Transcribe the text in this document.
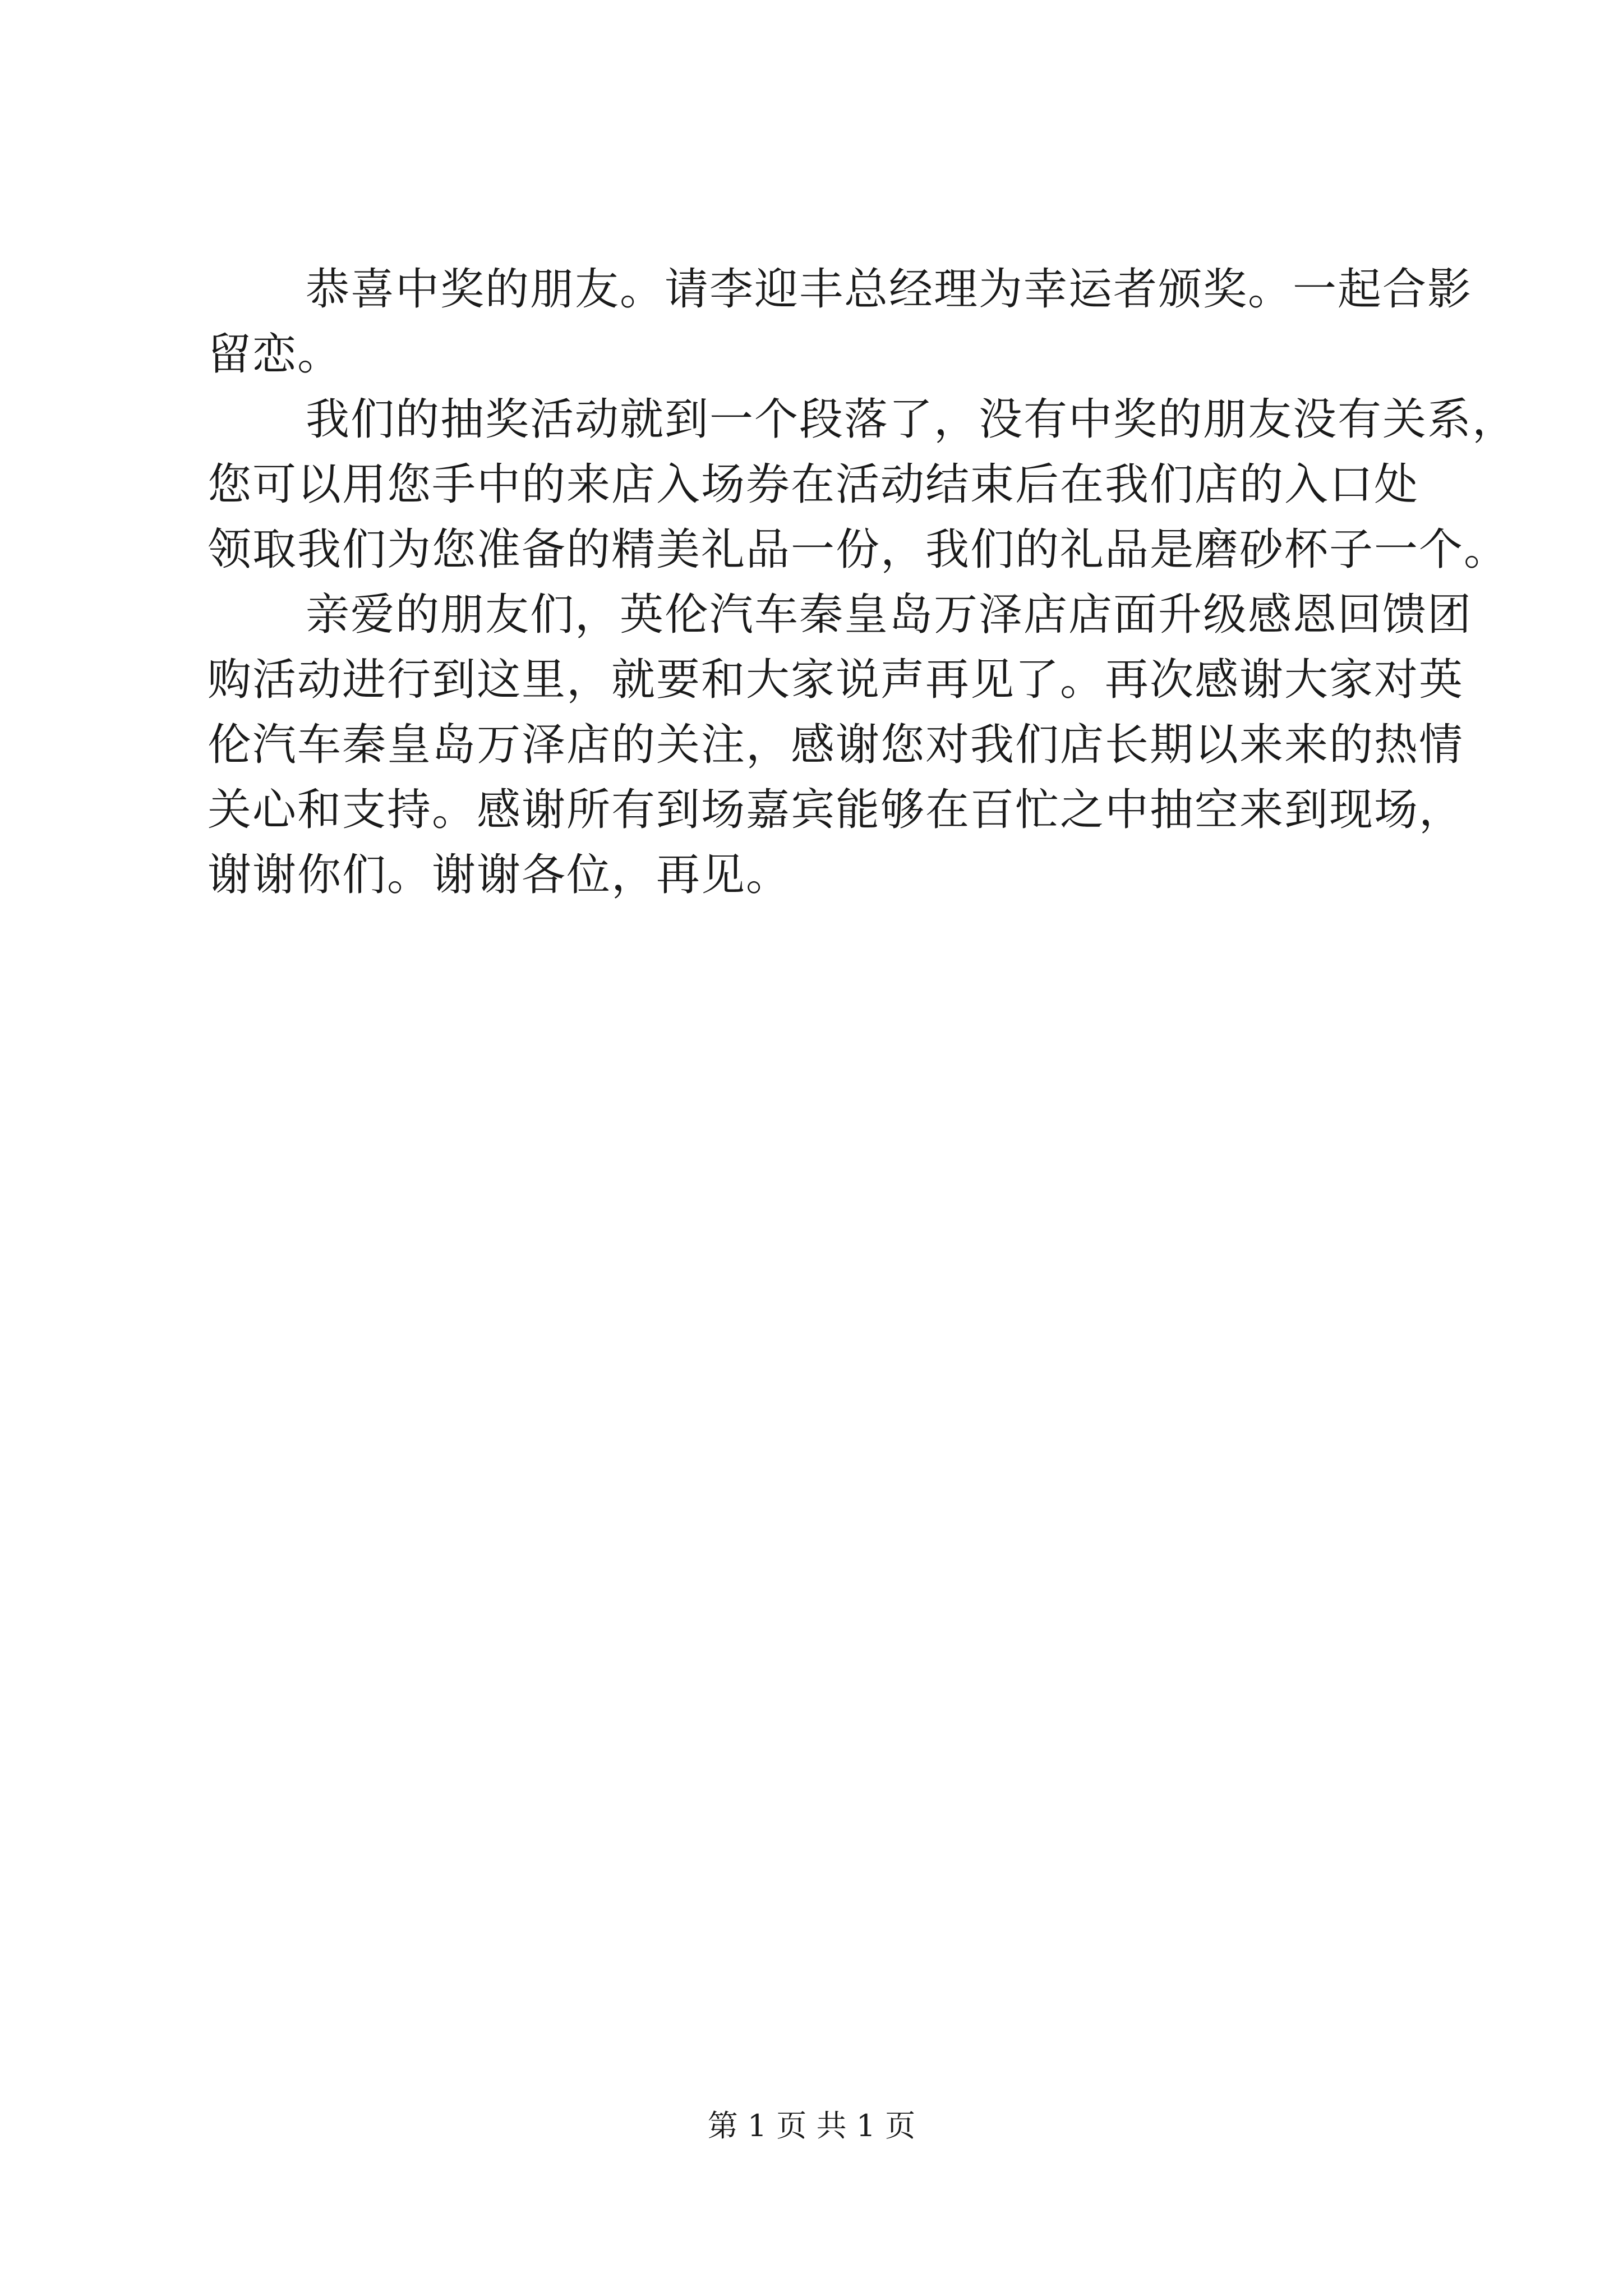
恭喜中奖的朋友。请李迎丰总经理为幸运者颁奖。一起合影
留恋。
我们的抽奖活动就到一个段落了，没有中奖的朋友没有关系，
您可以用您手中的来店入场券在活动结束后在我们店的入口处
领取我们为您准备的精美礼品一份，我们的礼品是磨砂杯子一个。
亲爱的朋友们，英伦汽车秦皇岛万泽店店面升级感恩回馈团
购活动进行到这里，就要和大家说声再见了。再次感谢大家对英
伦汽车秦皇岛万泽店的关注，感谢您对我们店长期以来来的热情
关心和支持。感谢所有到场嘉宾能够在百忙之中抽空来到现场，
谢谢你们。谢谢各位，再见。
第 1 页 共 1 页
